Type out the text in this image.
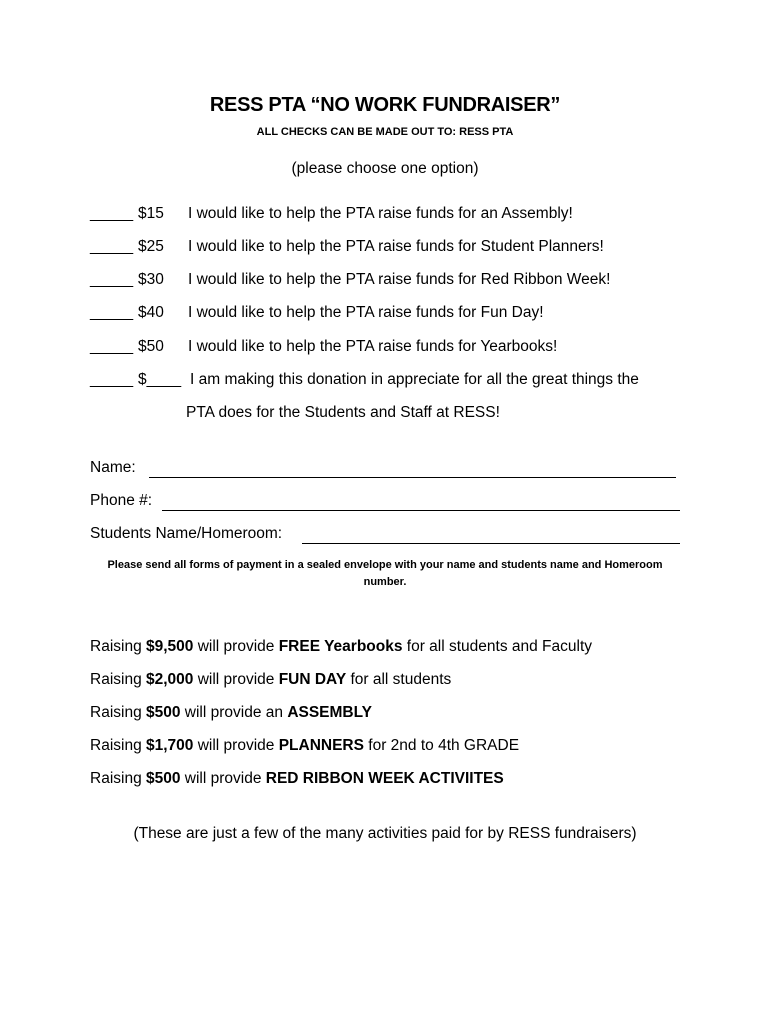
RESS PTA “NO WORK FUNDRAISER”
ALL CHECKS CAN BE MADE OUT TO: RESS PTA
(please choose one option)
_____ $15 I would like to help the PTA raise funds for an Assembly!
_____ $25 I would like to help the PTA raise funds for Student Planners!
_____ $30 I would like to help the PTA raise funds for Red Ribbon Week!
_____ $40 I would like to help the PTA raise funds for Fun Day!
_____ $50 I would like to help the PTA raise funds for Yearbooks!
_____ $____ I am making this donation in appreciate for all the great things the
PTA does for the Students and Staff at RESS!
Name:
Phone #:
Students Name/Homeroom:
Please send all forms of payment in a sealed envelope with your name and students name and Homeroom number.
Raising $9,500 will provide FREE Yearbooks for all students and Faculty
Raising $2,000 will provide FUN DAY for all students
Raising $500 will provide an ASSEMBLY
Raising $1,700 will provide PLANNERS for 2nd to 4th GRADE
Raising $500 will provide RED RIBBON WEEK ACTIVIITES
(These are just a few of the many activities paid for by RESS fundraisers)
